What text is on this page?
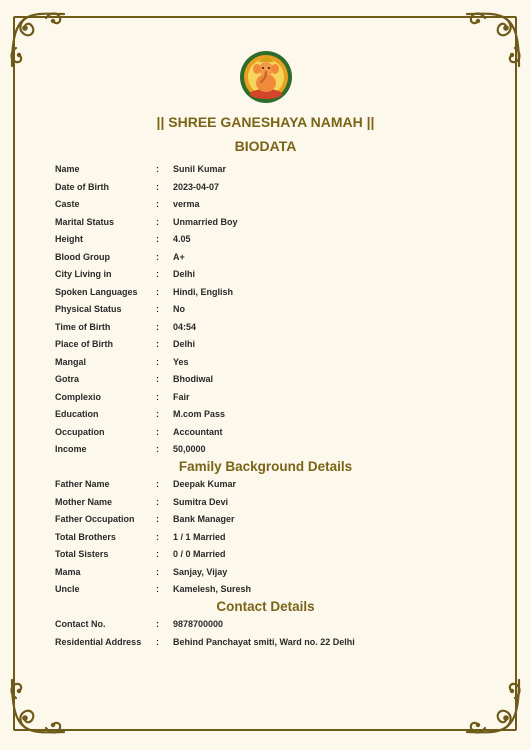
|| SHREE GANESHAYA NAMAH ||
BIODATA
Name	: Sunil Kumar
Date of Birth	: 2023-04-07
Caste	: verma
Marital Status	: Unmarried Boy
Height	: 4.05
Blood Group	: A+
City Living in	: Delhi
Spoken Languages	: Hindi, English
Physical Status	: No
Time of Birth	: 04:54
Place of Birth	: Delhi
Mangal	: Yes
Gotra	: Bhodiwal
Complexio	: Fair
Education	: M.com Pass
Occupation	: Accountant
Income	: 50,0000
Family Background Details
Father Name	: Deepak Kumar
Mother Name	: Sumitra Devi
Father Occupation	: Bank Manager
Total Brothers	: 1 / 1 Married
Total Sisters	: 0 / 0 Married
Mama	: Sanjay, Vijay
Uncle	: Kamelesh, Suresh
Contact Details
Contact No.	: 9878700000
Residential Address	: Behind Panchayat smiti, Ward no. 22 Delhi
